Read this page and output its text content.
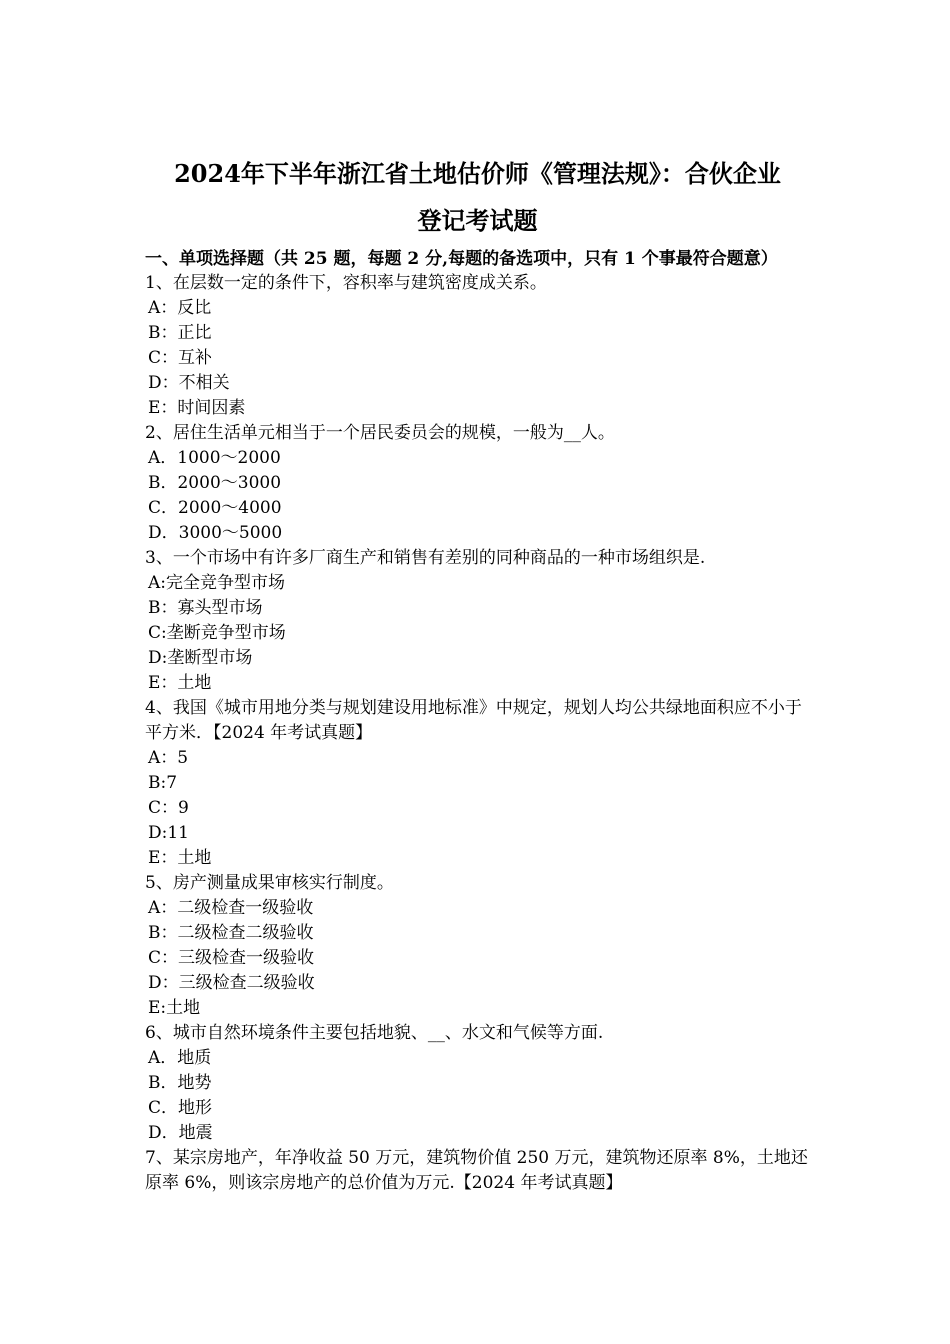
2024年下半年浙江省土地估价师《管理法规》：合伙企业
登记考试题

一、单项选择题（共 25 题，每题 2 分,每题的备选项中，只有 1 个事最符合题意）

1、在层数一定的条件下，容积率与建筑密度成关系。

A：反比

B：正比

C：互补

D：不相关

E：时间因素

2、居住生活单元相当于一个居民委员会的规模，一般为__人。

A．1000～2000

B．2000～3000

C．2000～4000

D．3000～5000

3、一个市场中有许多厂商生产和销售有差别的同种商品的一种市场组织是.

A:完全竞争型市场

B：寡头型市场

C:垄断竞争型市场

D:垄断型市场

E：土地

4、我国《城市用地分类与规划建设用地标准》中规定，规划人均公共绿地面积应不小于平方米．【2024 年考试真题】

A：5

B:7

C：9

D:11

E：土地

5、房产测量成果审核实行制度。

A：二级检查一级验收

B：二级检查二级验收

C：三级检查一级验收

D：三级检查二级验收

E:土地

6、城市自然环境条件主要包括地貌、__、水文和气候等方面.

A．地质

B．地势

C．地形

D．地震

7、某宗房地产，年净收益 50 万元，建筑物价值 250 万元，建筑物还原率 8%，土地还原率 6%，则该宗房地产的总价值为万元.【2024 年考试真题】
